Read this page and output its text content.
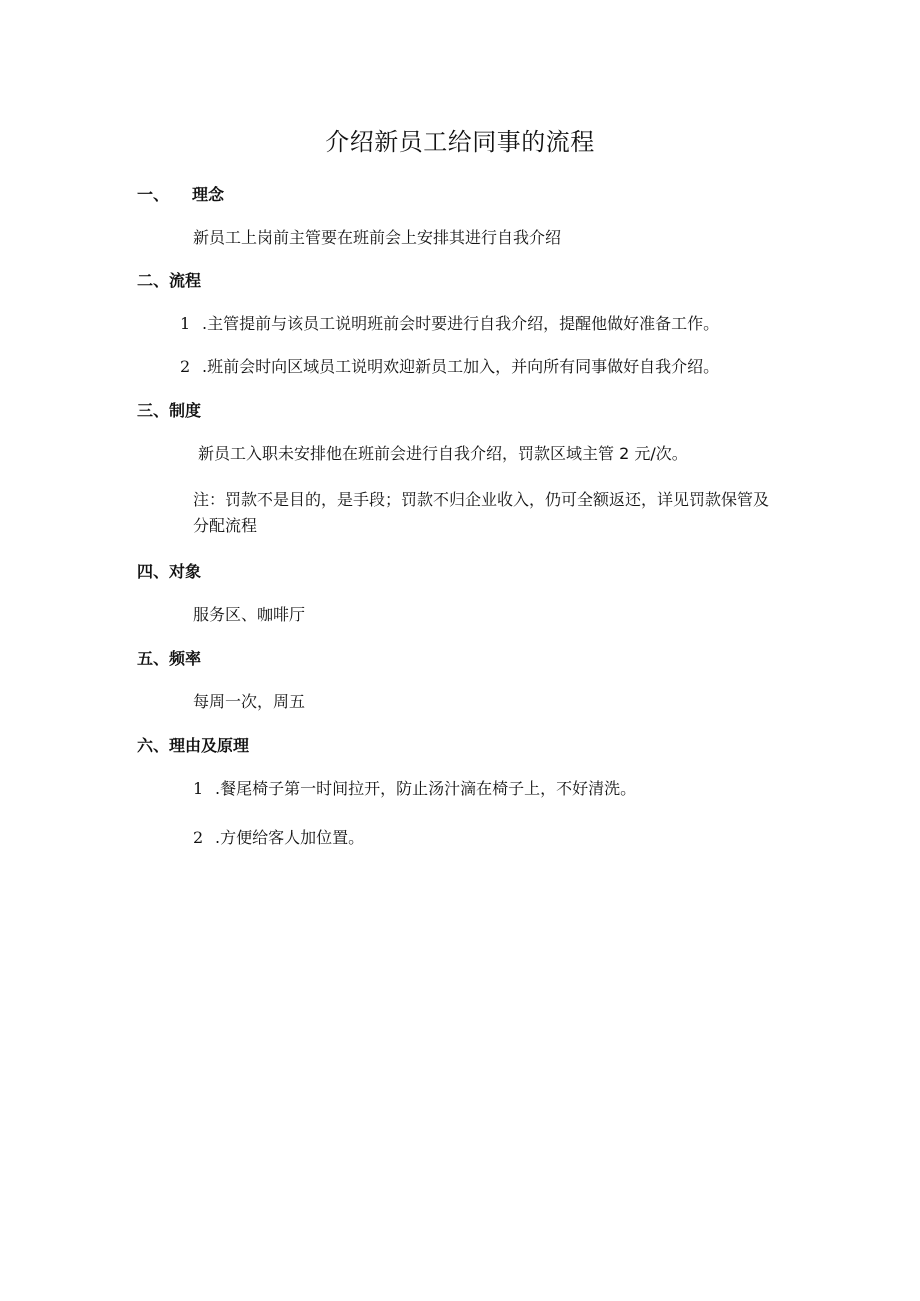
介绍新员工给同事的流程
一、 理念
新员工上岗前主管要在班前会上安排其进行自我介绍
二、流程
1 .主管提前与该员工说明班前会时要进行自我介绍，提醒他做好准备工作。
2 .班前会时向区域员工说明欢迎新员工加入，并向所有同事做好自我介绍。
三、制度
新员工入职未安排他在班前会进行自我介绍，罚款区域主管 2 元/次。
注：罚款不是目的，是手段；罚款不归企业收入，仍可全额返还，详见罚款保管及分配流程
四、对象
服务区、咖啡厅
五、频率
每周一次，周五
六、理由及原理
1 .餐尾椅子第一时间拉开，防止汤汁滴在椅子上，不好清洗。
2 .方便给客人加位置。
